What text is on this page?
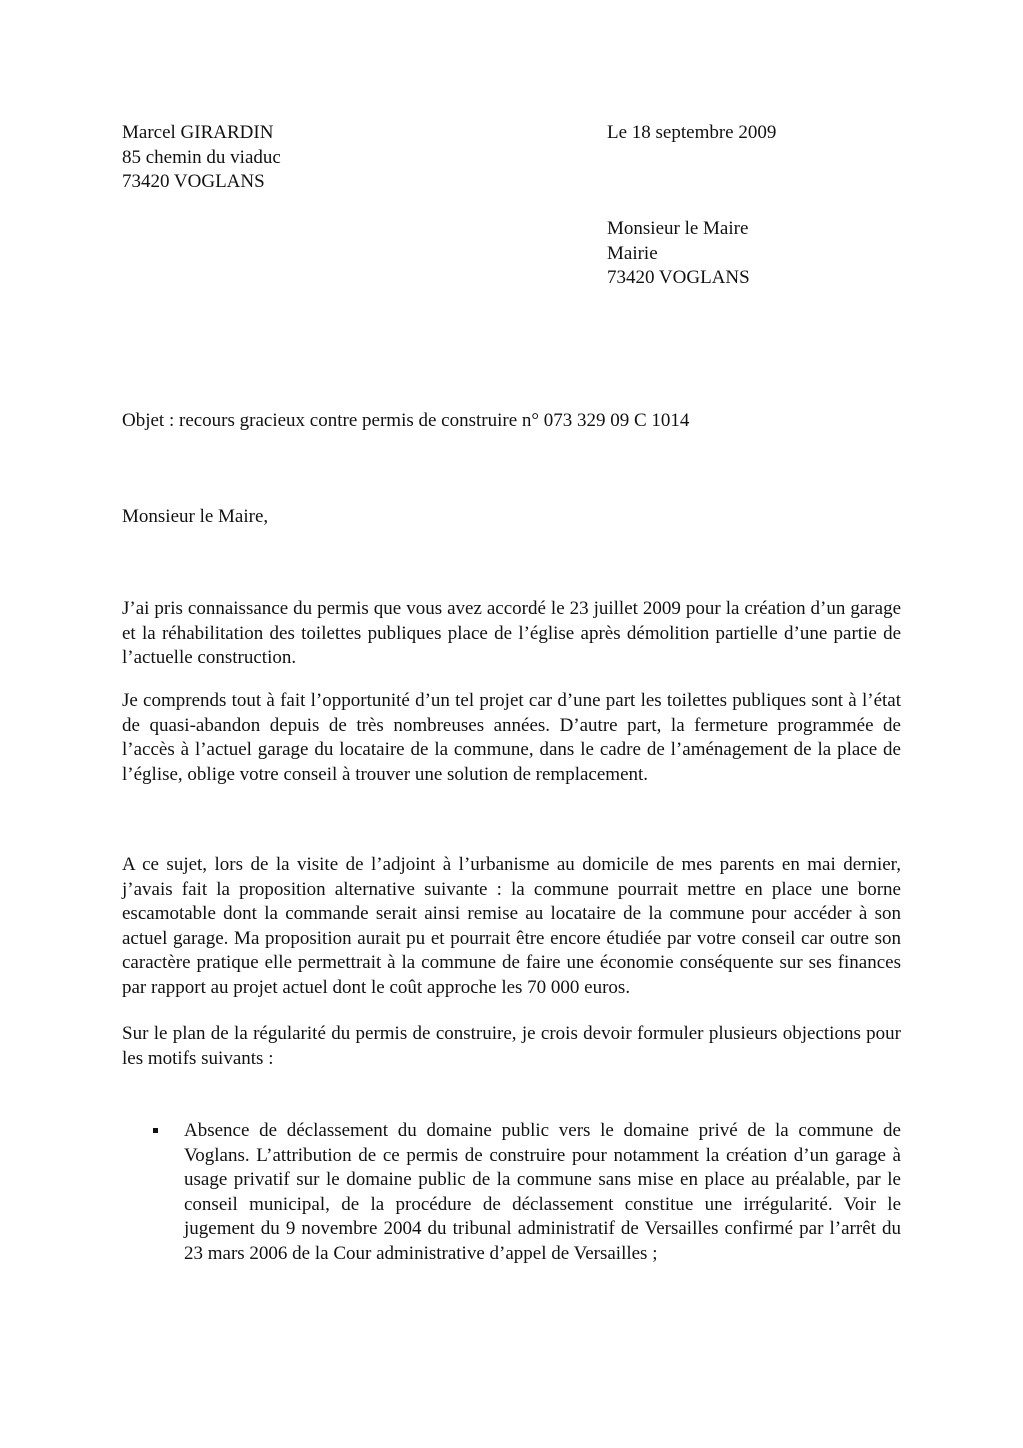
Marcel GIRARDIN
85 chemin du viaduc
73420 VOGLANS
Le 18 septembre 2009
Monsieur le Maire
Mairie
73420 VOGLANS
Objet : recours gracieux contre permis de construire n° 073 329 09 C 1014
Monsieur le Maire,
J’ai pris connaissance du permis que vous avez accordé le 23 juillet 2009 pour la création d’un garage et la réhabilitation des toilettes publiques place de l’église après démolition partielle d’une partie de l’actuelle construction.
Je comprends tout à fait l’opportunité d’un tel projet car d’une part les toilettes publiques sont à l’état de quasi-abandon depuis de très nombreuses années. D’autre part, la fermeture programmée de l’accès à l’actuel garage du locataire de la commune, dans le cadre de l’aménagement de la place de l’église, oblige votre conseil à trouver une solution de remplacement.
A ce sujet, lors de la visite de l’adjoint à l’urbanisme au domicile de mes parents en mai dernier, j’avais fait la proposition alternative suivante : la commune pourrait mettre en place une borne escamotable dont la commande serait ainsi remise au locataire de la commune pour accéder à son actuel garage. Ma proposition aurait pu et pourrait être encore étudiée par votre conseil car outre son caractère pratique elle permettrait à la commune de faire une économie conséquente sur ses finances par rapport au projet actuel dont le coût approche les 70 000 euros.
Sur le plan de la régularité du permis de construire, je crois devoir formuler plusieurs objections pour les motifs suivants :
Absence de déclassement du domaine public vers le domaine privé de la commune de Voglans. L’attribution de ce permis de construire pour notamment la création d’un garage à usage privatif sur le domaine public de la commune sans mise en place au préalable, par le conseil municipal, de la procédure de déclassement constitue une irrégularité. Voir le jugement du 9 novembre 2004 du tribunal administratif de Versailles confirmé par l’arrêt du 23 mars 2006 de la Cour administrative d’appel de Versailles ;
